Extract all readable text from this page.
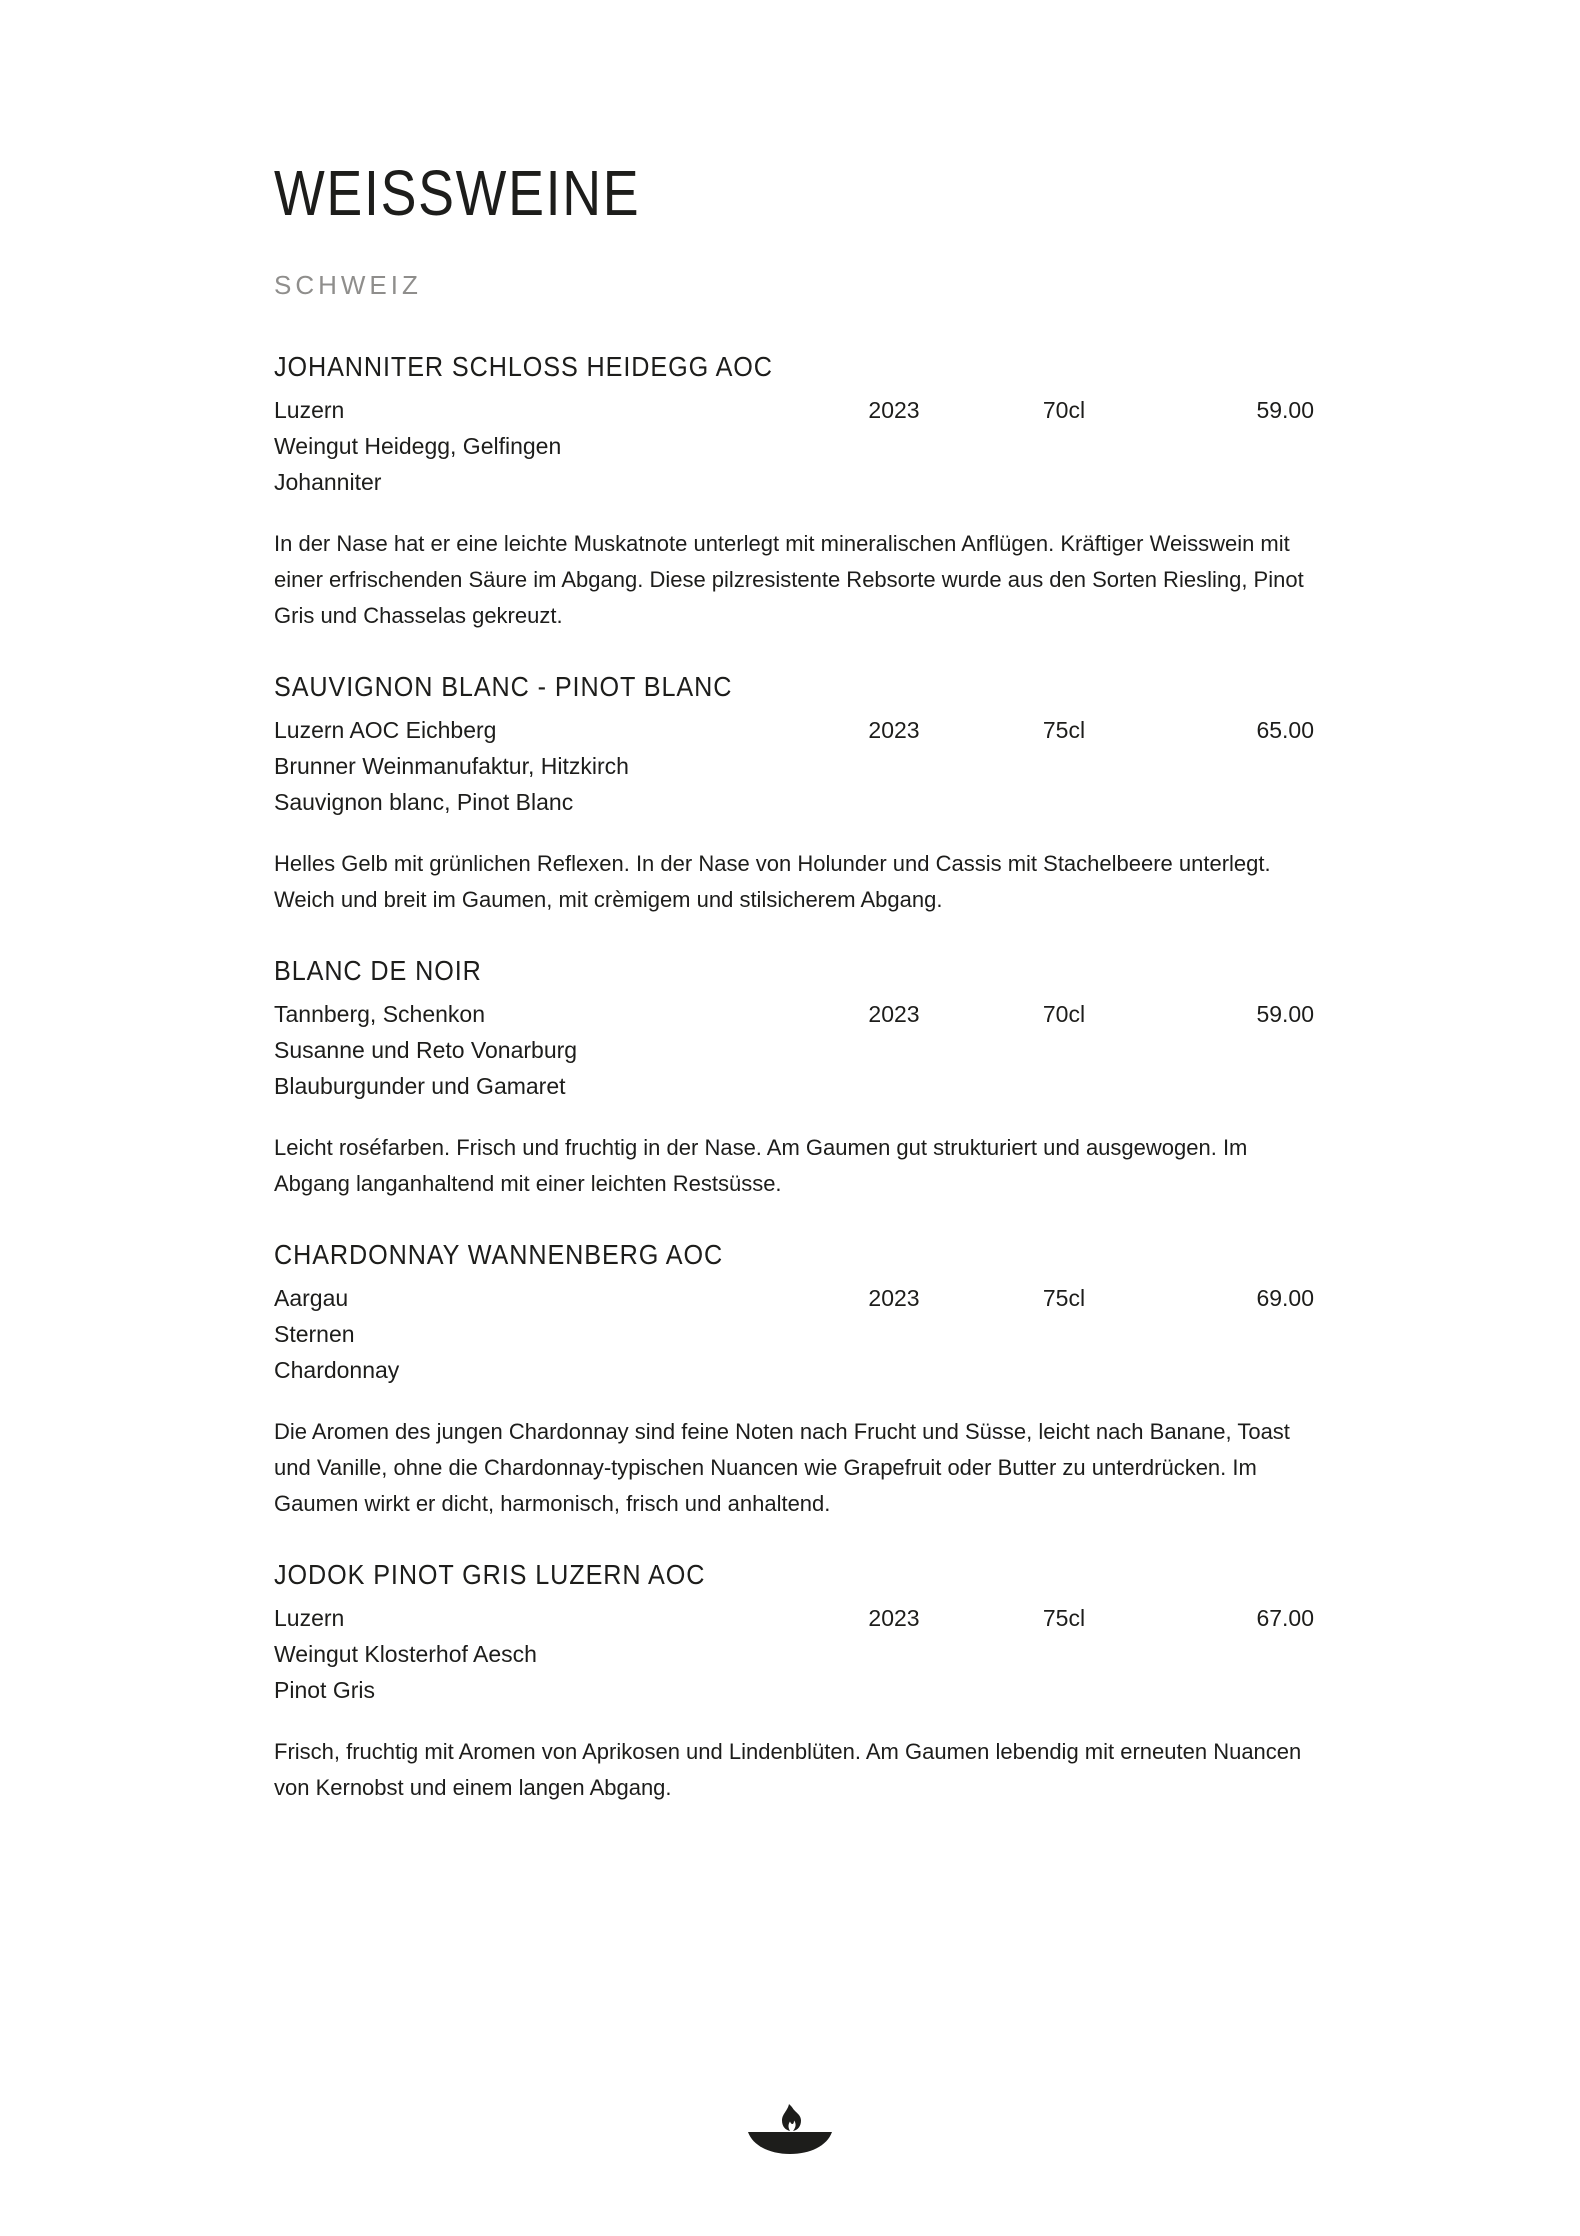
WEISSWEINE
SCHWEIZ
JOHANNITER SCHLOSS HEIDEGG AOC
Luzern	2023	70cl	59.00
Weingut Heidegg, Gelfingen
Johanniter

In der Nase hat er eine leichte Muskatnote unterlegt mit mineralischen Anflügen. Kräftiger Weisswein mit einer erfrischenden Säure im Abgang. Diese pilzresistente Rebsorte wurde aus den Sorten Riesling, Pinot Gris und Chasselas gekreuzt.

SAUVIGNON BLANC - PINOT BLANC
Luzern AOC Eichberg	2023	75cl	65.00
Brunner Weinmanufaktur, Hitzkirch
Sauvignon blanc, Pinot Blanc

Helles Gelb mit grünlichen Reflexen. In der Nase von Holunder und Cassis mit Stachelbeere unterlegt. Weich und breit im Gaumen, mit crèmigem und stilsicherem Abgang.

BLANC DE NOIR
Tannberg, Schenkon	2023	70cl	59.00
Susanne und Reto Vonarburg
Blauburgunder und Gamaret

Leicht roséfarben. Frisch und fruchtig in der Nase. Am Gaumen gut strukturiert und ausgewogen. Im Abgang langanhaltend mit einer leichten Restsüsse.

CHARDONNAY WANNENBERG AOC
Aargau	2023	75cl	69.00
Sternen
Chardonnay

Die Aromen des jungen Chardonnay sind feine Noten nach Frucht und Süsse, leicht nach Banane, Toast und Vanille, ohne die Chardonnay-typischen Nuancen wie Grapefruit oder Butter zu unterdrücken. Im Gaumen wirkt er dicht, harmonisch, frisch und anhaltend.

JODOK PINOT GRIS LUZERN AOC
Luzern	2023	75cl	67.00
Weingut Klosterhof Aesch
Pinot Gris

Frisch, fruchtig mit Aromen von Aprikosen und Lindenblüten. Am Gaumen lebendig mit erneuten Nuancen von Kernobst und einem langen Abgang.
